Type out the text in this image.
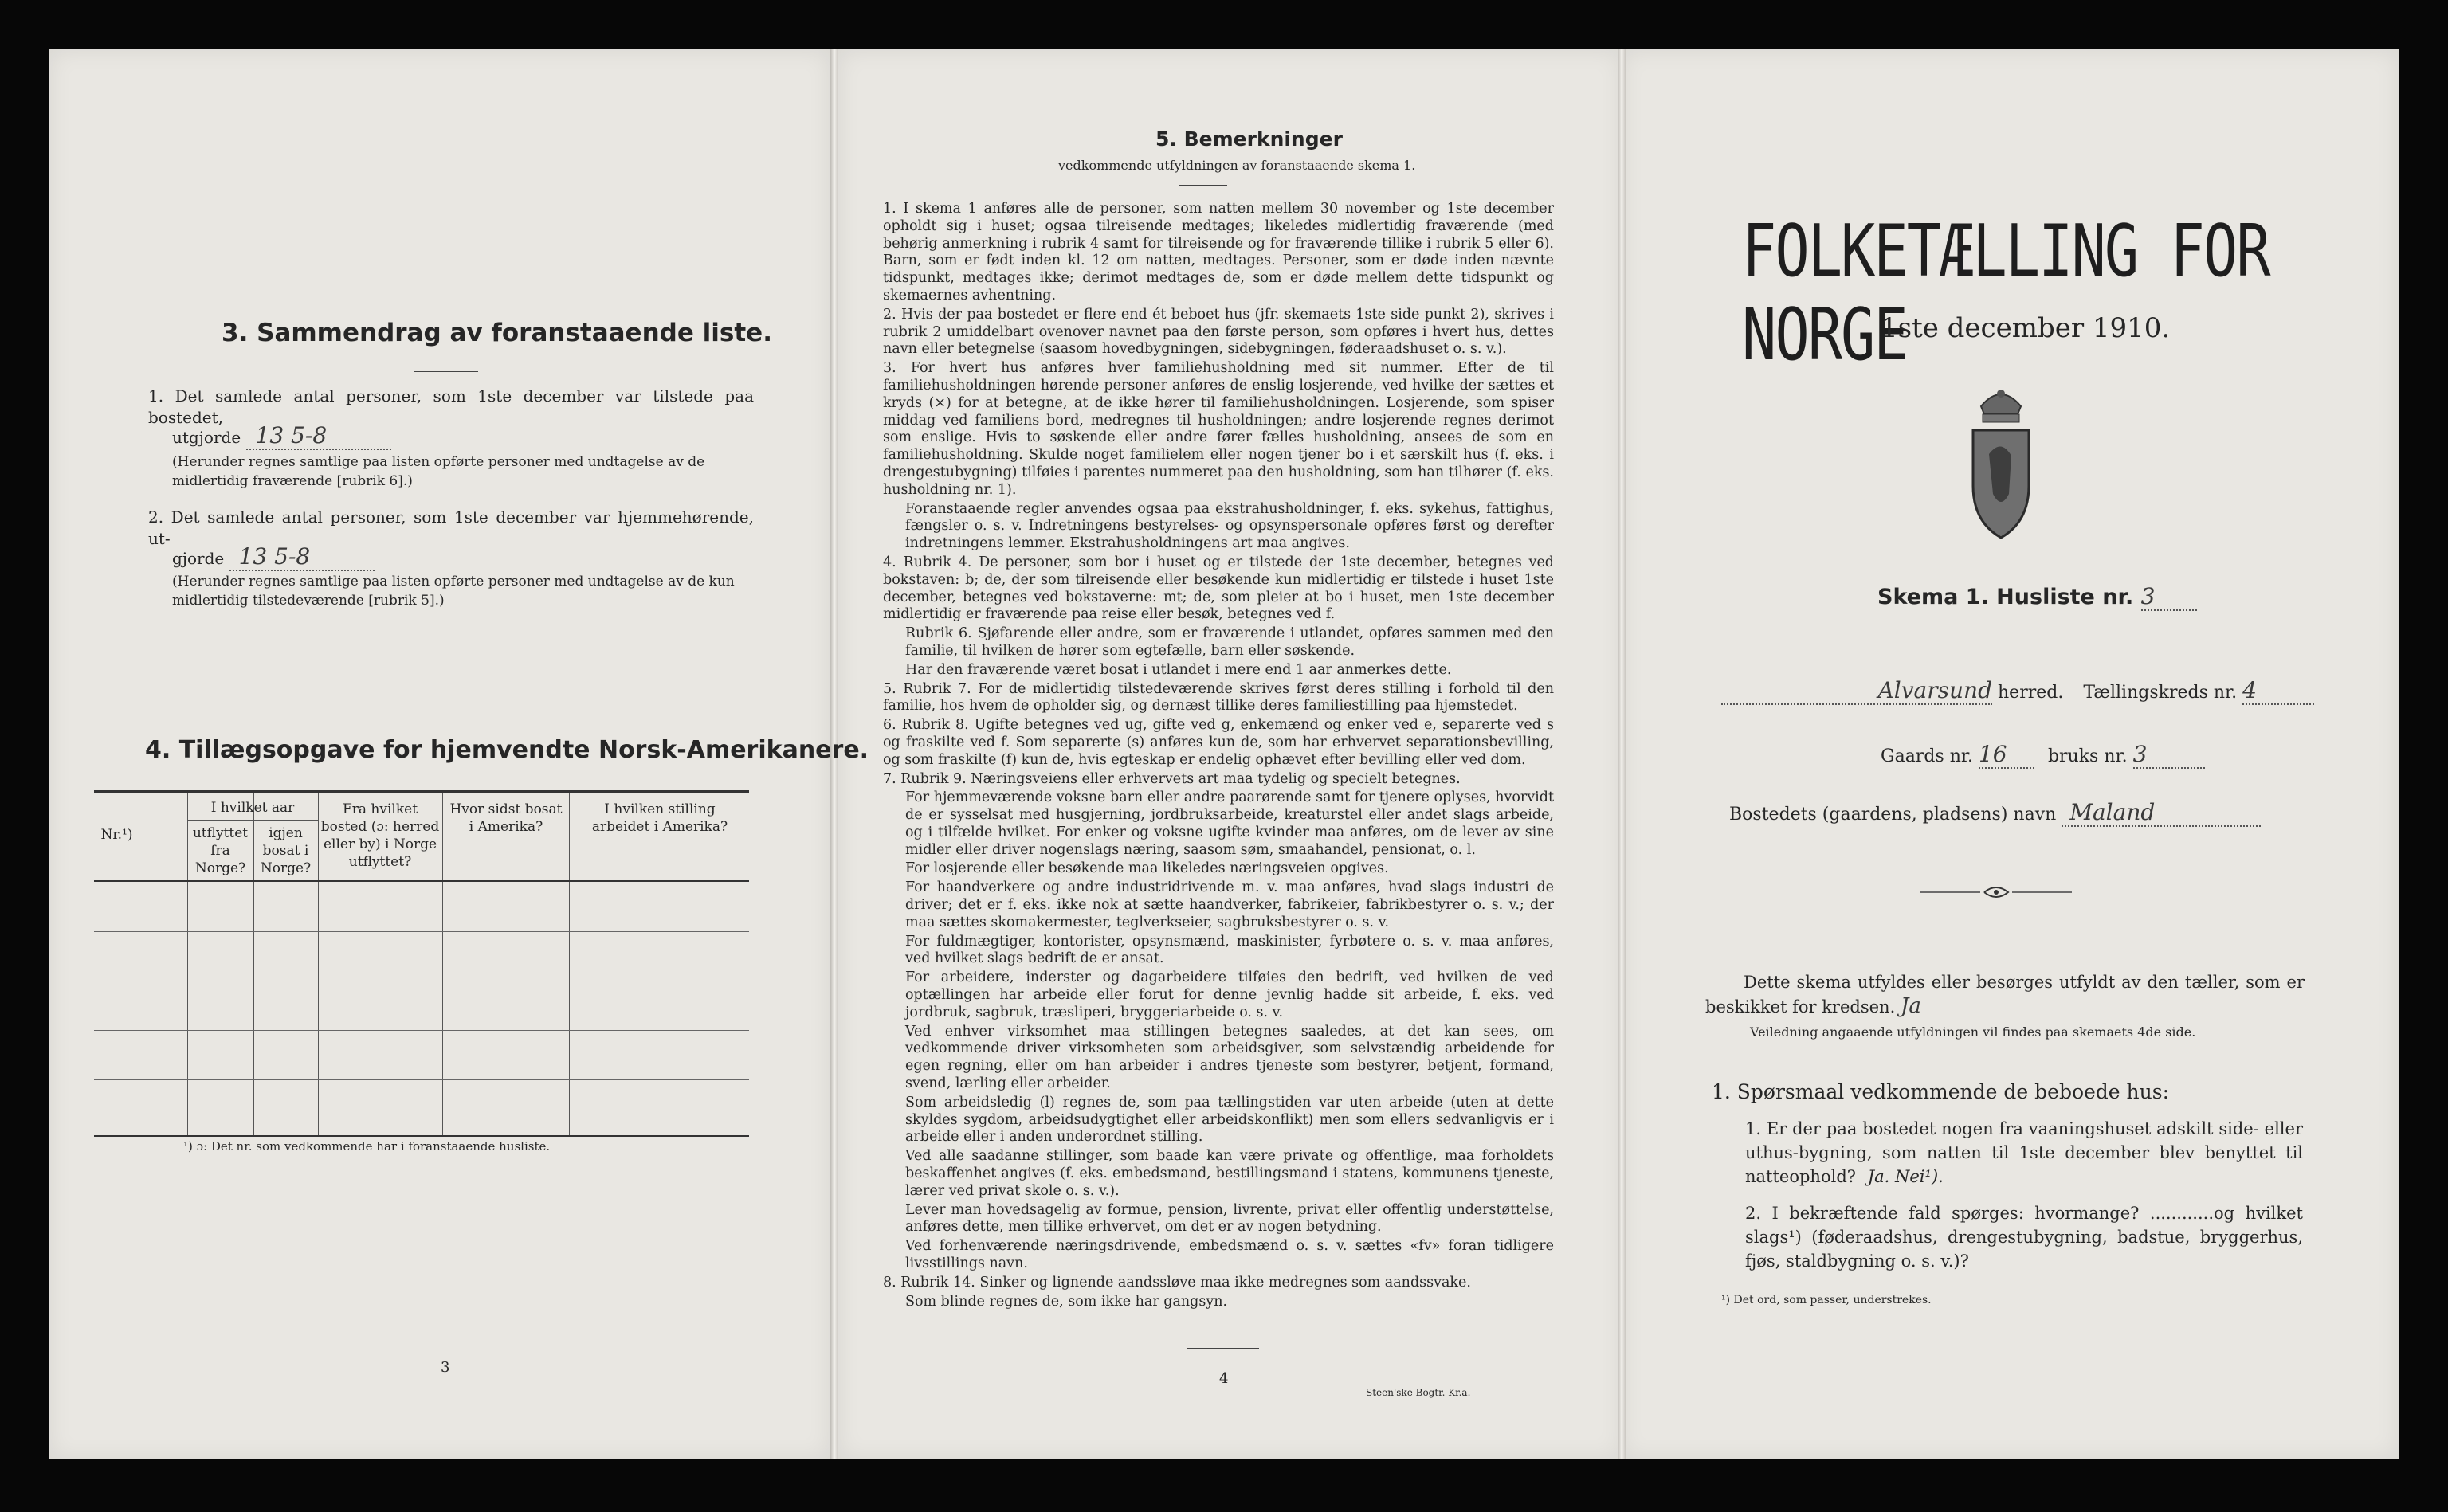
3. Sammendrag av foranstaaende liste.
1. Det samlede antal personer, som 1ste december var tilstede paa bostedet,
utgjorde 13 5-8
(Herunder regnes samtlige paa listen opførte personer med undtagelse av de midlertidig fraværende [rubrik 6].)
2. Det samlede antal personer, som 1ste december var hjemmehørende, ut-
gjorde 13 5-8
(Herunder regnes samtlige paa listen opførte personer med undtagelse av de kun midlertidig tilstedeværende [rubrik 5].)
4. Tillægsopgave for hjemvendte Norsk-Amerikanere.
Nr.¹)
I hvilket aar
utflyttet fra Norge?
igjen bosat i Norge?
Fra hvilket bosted (ɔ: herred eller by) i Norge utflyttet?
Hvor sidst bosat i Amerika?
I hvilken stilling arbeidet i Amerika?
¹) ɔ: Det nr. som vedkommende har i foranstaaende husliste.
3
5. Bemerkninger
vedkommende utfyldningen av foranstaaende skema 1.

1. I skema 1 anføres alle de personer, som natten mellem 30 november og 1ste december opholdt sig i huset; ogsaa tilreisende medtages; likeledes midlertidig fraværende (med behørig anmerkning i rubrik 4 samt for tilreisende og for fraværende tillike i rubrik 5 eller 6). Barn, som er født inden kl. 12 om natten, medtages. Personer, som er døde inden nævnte tidspunkt, medtages ikke; derimot medtages de, som er døde mellem dette tidspunkt og skemaernes avhentning.

2. Hvis der paa bostedet er flere end ét beboet hus (jfr. skemaets 1ste side punkt 2), skrives i rubrik 2 umiddelbart ovenover navnet paa den første person, som opføres i hvert hus, dettes navn eller betegnelse (saasom hovedbygningen, sidebygningen, føderaadshuset o. s. v.).

3. For hvert hus anføres hver familiehusholdning med sit nummer. Efter de til familiehusholdningen hørende personer anføres de enslig losjerende, ved hvilke der sættes et kryds (×) for at betegne, at de ikke hører til familiehusholdningen. Losjerende, som spiser middag ved familiens bord, medregnes til husholdningen; andre losjerende regnes derimot som enslige. Hvis to søskende eller andre fører fælles husholdning, ansees de som en familiehusholdning. Skulde noget familielem eller nogen tjener bo i et særskilt hus (f. eks. i drengestubygning) tilføies i parentes nummeret paa den husholdning, som han tilhører (f. eks. husholdning nr. 1).

Foranstaaende regler anvendes ogsaa paa ekstrahusholdninger, f. eks. sykehus, fattighus, fængsler o. s. v. Indretningens bestyrelses- og opsynspersonale opføres først og derefter indretningens lemmer. Ekstrahusholdningens art maa angives.

4. Rubrik 4. De personer, som bor i huset og er tilstede der 1ste december, betegnes ved bokstaven: b; de, der som tilreisende eller besøkende kun midlertidig er tilstede i huset 1ste december, betegnes ved bokstaverne: mt; de, som pleier at bo i huset, men 1ste december midlertidig er fraværende paa reise eller besøk, betegnes ved f.

Rubrik 6. Sjøfarende eller andre, som er fraværende i utlandet, opføres sammen med den familie, til hvilken de hører som egtefælle, barn eller søskende.

Har den fraværende været bosat i utlandet i mere end 1 aar anmerkes dette.

5. Rubrik 7. For de midlertidig tilstedeværende skrives først deres stilling i forhold til den familie, hos hvem de opholder sig, og dernæst tillike deres familiestilling paa hjemstedet.

6. Rubrik 8. Ugifte betegnes ved ug, gifte ved g, enkemænd og enker ved e, separerte ved s og fraskilte ved f. Som separerte (s) anføres kun de, som har erhvervet separationsbevilling, og som fraskilte (f) kun de, hvis egteskap er endelig ophævet efter bevilling eller ved dom.

7. Rubrik 9. Næringsveiens eller erhvervets art maa tydelig og specielt betegnes.

For hjemmeværende voksne barn eller andre paarørende samt for tjenere oplyses, hvorvidt de er sysselsat med husgjerning, jordbruksarbeide, kreaturstel eller andet slags arbeide, og i tilfælde hvilket. For enker og voksne ugifte kvinder maa anføres, om de lever av sine midler eller driver nogenslags næring, saasom søm, smaahandel, pensionat, o. l.

For losjerende eller besøkende maa likeledes næringsveien opgives.

For haandverkere og andre industridrivende m. v. maa anføres, hvad slags industri de driver; det er f. eks. ikke nok at sætte haandverker, fabrikeier, fabrikbestyrer o. s. v.; der maa sættes skomakermester, teglverkseier, sagbruksbestyrer o. s. v.

For fuldmægtiger, kontorister, opsynsmænd, maskinister, fyrbøtere o. s. v. maa anføres, ved hvilket slags bedrift de er ansat.

For arbeidere, inderster og dagarbeidere tilføies den bedrift, ved hvilken de ved optællingen har arbeide eller forut for denne jevnlig hadde sit arbeide, f. eks. ved jordbruk, sagbruk, træsliperi, bryggeriarbeide o. s. v.

Ved enhver virksomhet maa stillingen betegnes saaledes, at det kan sees, om vedkommende driver virksomheten som arbeidsgiver, som selvstændig arbeidende for egen regning, eller om han arbeider i andres tjeneste som bestyrer, betjent, formand, svend, lærling eller arbeider.

Som arbeidsledig (l) regnes de, som paa tællingstiden var uten arbeide (uten at dette skyldes sygdom, arbeidsudygtighet eller arbeidskonflikt) men som ellers sedvanligvis er i arbeide eller i anden underordnet stilling.

Ved alle saadanne stillinger, som baade kan være private og offentlige, maa forholdets beskaffenhet angives (f. eks. embedsmand, bestillingsmand i statens, kommunens tjeneste, lærer ved privat skole o. s. v.).

Lever man hovedsagelig av formue, pension, livrente, privat eller offentlig understøttelse, anføres dette, men tillike erhvervet, om det er av nogen betydning.

Ved forhenværende næringsdrivende, embedsmænd o. s. v. sættes «fv» foran tidligere livsstillings navn.

8. Rubrik 14. Sinker og lignende aandssløve maa ikke medregnes som aandssvake.

Som blinde regnes de, som ikke har gangsyn.

4
Steen'ske Bogtr. Kr.a.
FOLKETÆLLING FOR NORGE
1ste december 1910.
Skema 1. Husliste nr. 3
Alvarsund herred. Tællingskreds nr. 4
Gaards nr. 16 bruks nr. 3
Bostedets (gaardens, pladsens) navn Maland
Dette skema utfyldes eller besørges utfyldt av den tæller, som er beskikket for kredsen. Ja
Veiledning angaaende utfyldningen vil findes paa skemaets 4de side.
1. Spørsmaal vedkommende de beboede hus:
1. Er der paa bostedet nogen fra vaaningshuset adskilt side- eller uthus-bygning, som natten til 1ste december blev benyttet til natteophold? Ja. Nei¹).
2. I bekræftende fald spørges: hvormange? ............og hvilket slags¹) (føderaadshus, drengestubygning, badstue, bryggerhus, fjøs, staldbygning o. s. v.)?
¹) Det ord, som passer, understrekes.
